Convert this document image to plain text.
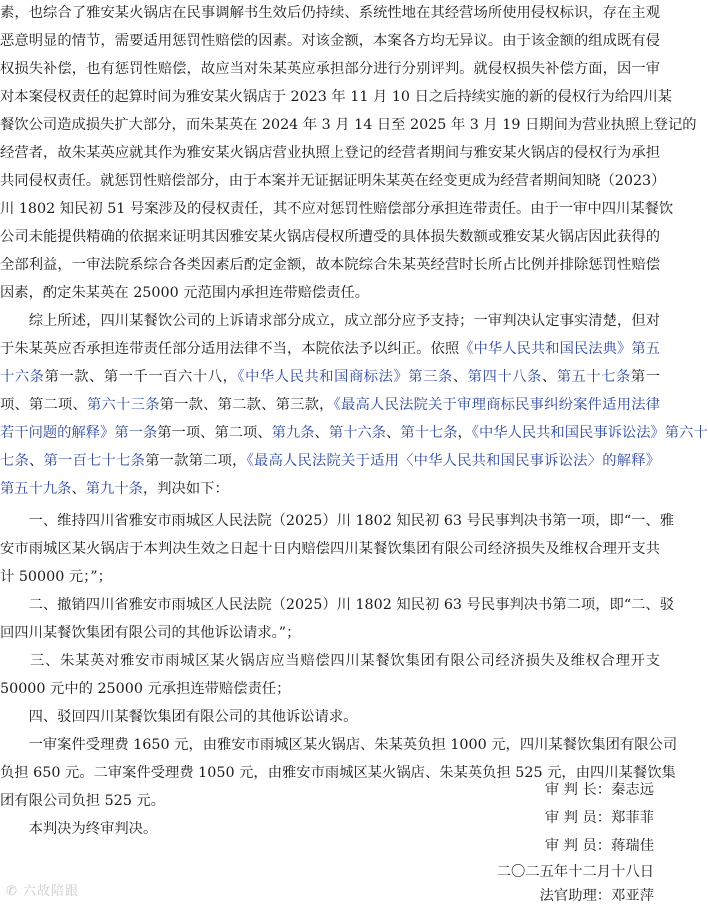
素，也综合了雅安某火锅店在民事调解书生效后仍持续、系统性地在其经营场所使用侵权标识，存在主观
恶意明显的情节，需要适用惩罚性赔偿的因素。对该金额，本案各方均无异议。由于该金额的组成既有侵
权损失补偿，也有惩罚性赔偿，故应当对朱某英应承担部分进行分别评判。就侵权损失补偿方面，因一审
对本案侵权责任的起算时间为雅安某火锅店于 2023 年 11 月 10 日之后持续实施的新的侵权行为给四川某
餐饮公司造成损失扩大部分，而朱某英在 2024 年 3 月 14 日至 2025 年 3 月 19 日期间为营业执照上登记的
经营者，故朱某英应就其作为雅安某火锅店营业执照上登记的经营者期间与雅安某火锅店的侵权行为承担
共同侵权责任。就惩罚性赔偿部分，由于本案并无证据证明朱某英在经变更成为经营者期间知晓（2023）
川 1802 知民初 51 号案涉及的侵权责任，其不应对惩罚性赔偿部分承担连带责任。由于一审中四川某餐饮
公司未能提供精确的依据来证明其因雅安某火锅店侵权所遭受的具体损失数额或雅安某火锅店因此获得的
全部利益，一审法院系综合各类因素后酌定金额，故本院综合朱某英经营时长所占比例并排除惩罚性赔偿
因素，酌定朱某英在 25000 元范围内承担连带赔偿责任。
　　综上所述，四川某餐饮公司的上诉请求部分成立，成立部分应予支持；一审判决认定事实清楚，但对
于朱某英应否承担连带责任部分适用法律不当，本院依法予以纠正。依照《中华人民共和国民法典》第五
十六条第一款、第一千一百六十八，《中华人民共和国商标法》第三条、第四十八条、第五十七条第一
项、第二项、第六十三条第一款、第二款、第三款，《最高人民法院关于审理商标民事纠纷案件适用法律
若干问题的解释》第一条第一项、第二项、第九条、第十六条、第十七条，《中华人民共和国民事诉讼法》第六十
七条、第一百七十七条第一款第二项，《最高人民法院关于适用〈中华人民共和国民事诉讼法〉的解释》
第五十九条、第九十条，判决如下：
　　一、维持四川省雅安市雨城区人民法院（2025）川 1802 知民初 63 号民事判决书第一项，即“一、雅
安市雨城区某火锅店于本判决生效之日起十日内赔偿四川某餐饮集团有限公司经济损失及维权合理开支共
计 50000 元；”；
　　二、撤销四川省雅安市雨城区人民法院（2025）川 1802 知民初 63 号民事判决书第二项，即“二、驳
回四川某餐饮集团有限公司的其他诉讼请求。”；
　　三、朱某英对雅安市雨城区某火锅店应当赔偿四川某餐饮集团有限公司经济损失及维权合理开支
50000 元中的 25000 元承担连带赔偿责任；
　　四、驳回四川某餐饮集团有限公司的其他诉讼请求。
　　一审案件受理费 1650 元，由雅安市雨城区某火锅店、朱某英负担 1000 元，四川某餐饮集团有限公司
负担 650 元。二审案件受理费 1050 元，由雅安市雨城区某火锅店、朱某英负担 525 元，由四川某餐饮集
团有限公司负担 525 元。
　　本判决为终审判决。
审 判 长：秦志远
审 判 员：郑菲菲
审 判 员：蒋瑞佳
二〇二五年十二月十八日
法官助理：邓亚萍
✆ 六故陪跟
